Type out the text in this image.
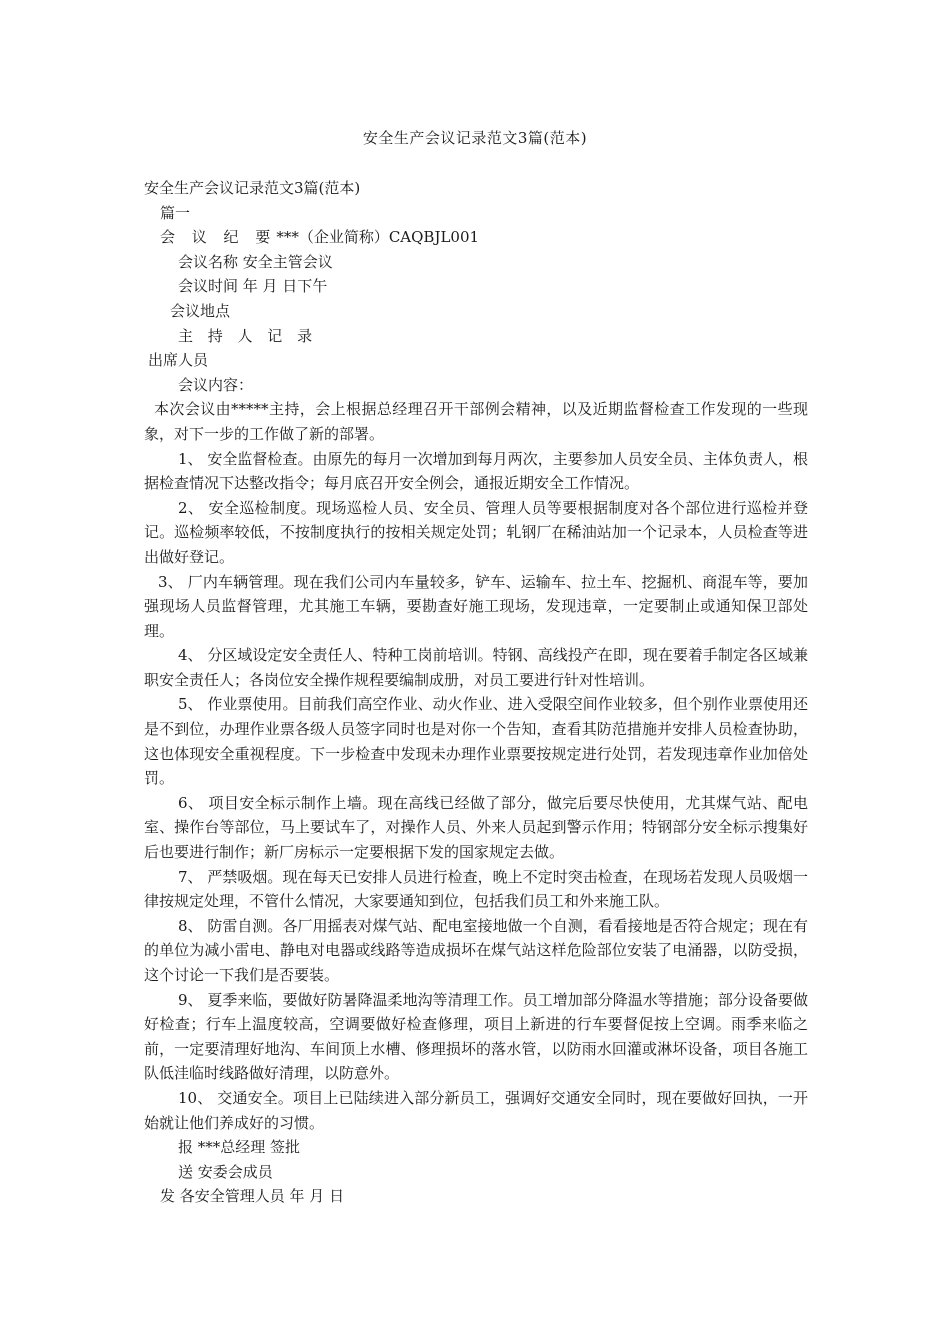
安全生产会议记录范文3篇(范本)

安全生产会议记录范文3篇(范本)

篇一

会 议 纪 要***（企业简称）CAQBJL001

会议名称 安全主管会议

会议时间 年 月 日下午

会议地点

主 持 人 记 录

出席人员

会议内容：

本次会议由*****主持，会上根据总经理召开干部例会精神，以及近期监督检查工作发现的一些现象，对下一步的工作做了新的部署。

1、 安全监督检查。由原先的每月一次增加到每月两次，主要参加人员安全员、主体负责人，根据检查情况下达整改指令；每月底召开安全例会，通报近期安全工作情况。

2、 安全巡检制度。现场巡检人员、安全员、管理人员等要根据制度对各个部位进行巡检并登记。巡检频率较低，不按制度执行的按相关规定处罚；轧钢厂在稀油站加一个记录本，人员检查等进出做好登记。

3、 厂内车辆管理。现在我们公司内车量较多，铲车、运输车、拉土车、挖掘机、商混车等，要加强现场人员监督管理，尤其施工车辆，要勘查好施工现场，发现违章，一定要制止或通知保卫部处理。

4、 分区域设定安全责任人、特种工岗前培训。特钢、高线投产在即，现在要着手制定各区域兼职安全责任人；各岗位安全操作规程要编制成册，对员工要进行针对性培训。

5、 作业票使用。目前我们高空作业、动火作业、进入受限空间作业较多，但个别作业票使用还是不到位，办理作业票各级人员签字同时也是对你一个告知，查看其防范措施并安排人员检查协助，这也体现安全重视程度。下一步检查中发现未办理作业票要按规定进行处罚，若发现违章作业加倍处罚。

6、 项目安全标示制作上墙。现在高线已经做了部分，做完后要尽快使用，尤其煤气站、配电室、操作台等部位，马上要试车了，对操作人员、外来人员起到警示作用；特钢部分安全标示搜集好后也要进行制作；新厂房标示一定要根据下发的国家规定去做。

7、 严禁吸烟。现在每天已安排人员进行检查，晚上不定时突击检查，在现场若发现人员吸烟一律按规定处理，不管什么情况，大家要通知到位，包括我们员工和外来施工队。

8、 防雷自测。各厂用摇表对煤气站、配电室接地做一个自测，看看接地是否符合规定；现在有的单位为减小雷电、静电对电器或线路等造成损坏在煤气站这样危险部位安装了电涌器，以防受损，这个讨论一下我们是否要装。

9、 夏季来临，要做好防暑降温柔地沟等清理工作。员工增加部分降温水等措施；部分设备要做好检查；行车上温度较高，空调要做好检查修理，项目上新进的行车要督促按上空调。雨季来临之前，一定要清理好地沟、车间顶上水槽、修理损坏的落水管，以防雨水回灌或淋坏设备，项目各施工队低洼临时线路做好清理，以防意外。

10、 交通安全。项目上已陆续进入部分新员工，强调好交通安全同时，现在要做好回执，一开始就让他们养成好的习惯。

报 ***总经理 签批

送 安委会成员

发 各安全管理人员 年 月 日
